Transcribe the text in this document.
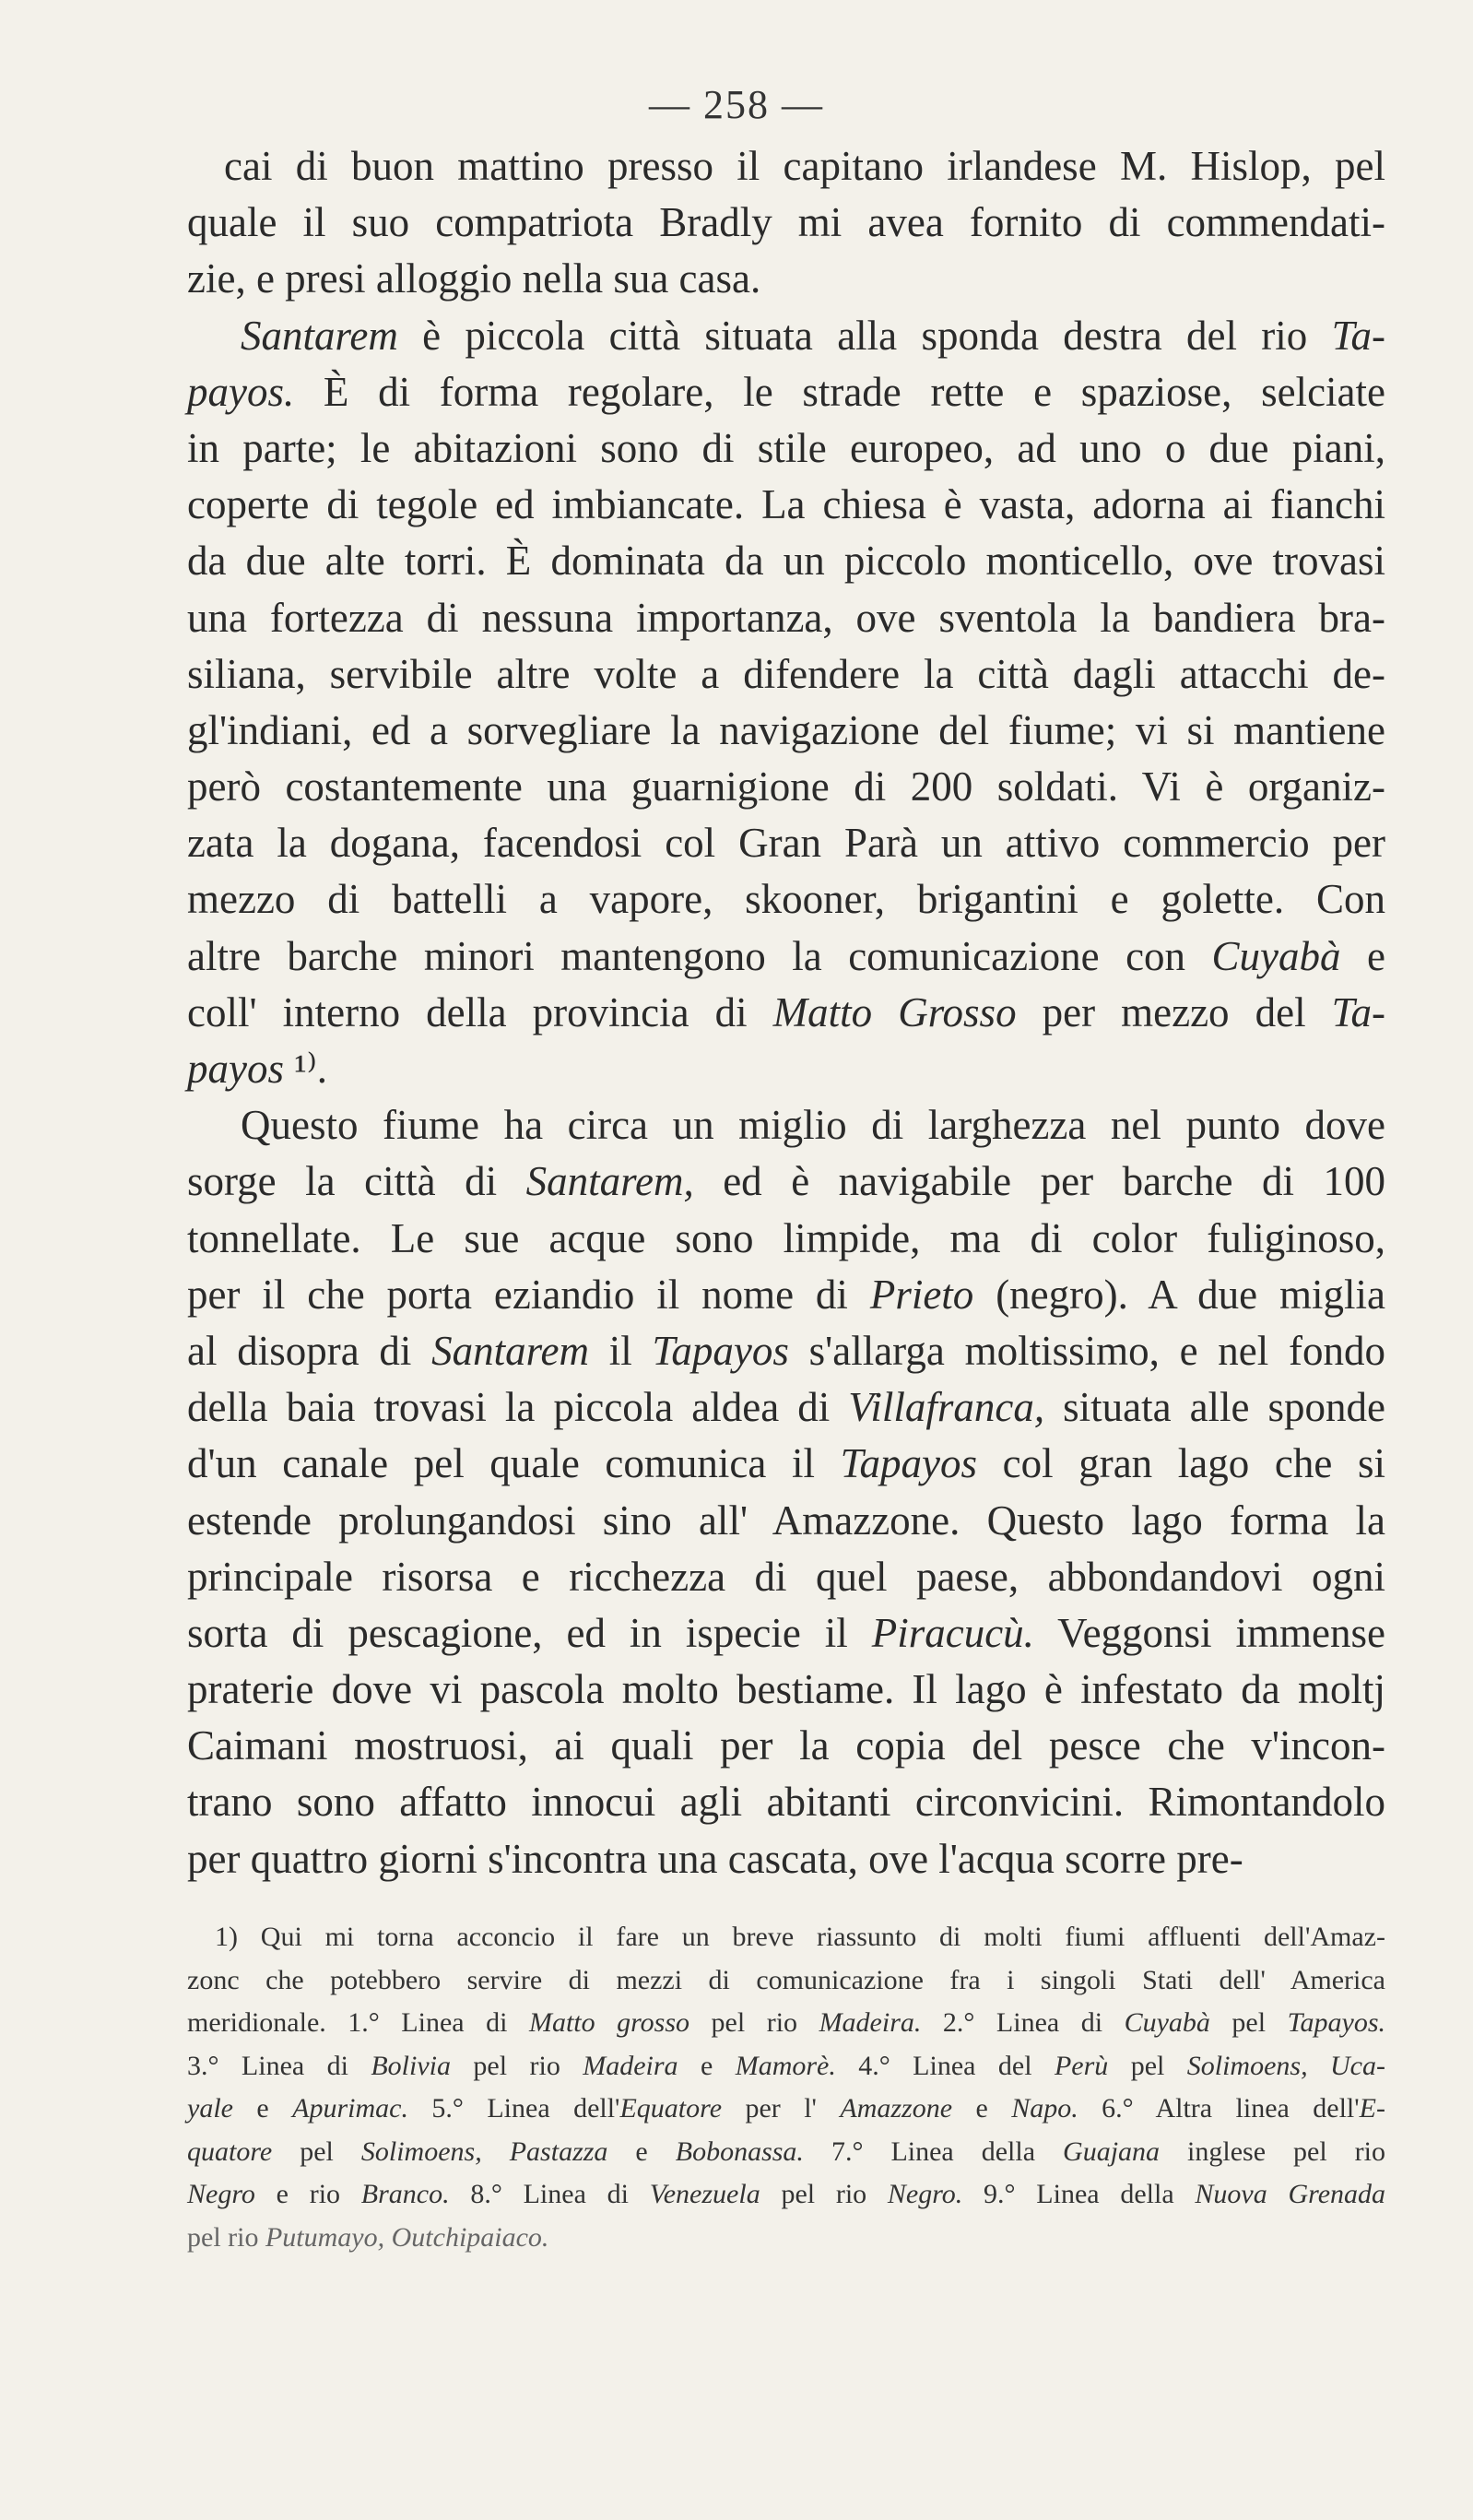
— 258 —
cai di buon mattino presso il capitano irlandese M. Hislop, pel
quale il suo compatriota Bradly mi avea fornito di commendati-
zie, e presi alloggio nella sua casa.
Santarem è piccola città situata alla sponda destra del rio Ta-
payos. È di forma regolare, le strade rette e spaziose, selciate
in parte; le abitazioni sono di stile europeo, ad uno o due piani,
coperte di tegole ed imbiancate. La chiesa è vasta, adorna ai fianchi
da due alte torri. È dominata da un piccolo monticello, ove trovasi
una fortezza di nessuna importanza, ove sventola la bandiera bra-
siliana, servibile altre volte a difendere la città dagli attacchi de-
gl'indiani, ed a sorvegliare la navigazione del fiume; vi si mantiene
però costantemente una guarnigione di 200 soldati. Vi è organiz-
zata la dogana, facendosi col Gran Parà un attivo commercio per
mezzo di battelli a vapore, skooner, brigantini e golette. Con
altre barche minori mantengono la comunicazione con Cuyabà e
coll' interno della provincia di Matto Grosso per mezzo del Ta-
payos ¹⁾.
Questo fiume ha circa un miglio di larghezza nel punto dove
sorge la città di Santarem, ed è navigabile per barche di 100
tonnellate. Le sue acque sono limpide, ma di color fuliginoso,
per il che porta eziandio il nome di Prieto (negro). A due miglia
al disopra di Santarem il Tapayos s'allarga moltissimo, e nel fondo
della baia trovasi la piccola aldea di Villafranca, situata alle sponde
d'un canale pel quale comunica il Tapayos col gran lago che si
estende prolungandosi sino all' Amazzone. Questo lago forma la
principale risorsa e ricchezza di quel paese, abbondandovi ogni
sorta di pescagione, ed in ispecie il Piracucù. Veggonsi immense
praterie dove vi pascola molto bestiame. Il lago è infestato da moltj
Caimani mostruosi, ai quali per la copia del pesce che v'incon-
trano sono affatto innocui agli abitanti circonvicini. Rimontandolo
per quattro giorni s'incontra una cascata, ove l'acqua scorre pre-
1) Qui mi torna acconcio il fare un breve riassunto di molti fiumi affluenti dell'Amaz-
zonc che potebbero servire di mezzi di comunicazione fra i singoli Stati dell' America
meridionale. 1.° Linea di Matto grosso pel rio Madeira. 2.° Linea di Cuyabà pel Tapayos.
3.° Linea di Bolivia pel rio Madeira e Mamorè. 4.° Linea del Perù pel Solimoens, Uca-
yale e Apurimac. 5.° Linea dell'Equatore per l' Amazzone e Napo. 6.° Altra linea dell'E-
quatore pel Solimoens, Pastazza e Bobonassa. 7.° Linea della Guajana inglese pel rio
Negro e rio Branco. 8.° Linea di Venezuela pel rio Negro. 9.° Linea della Nuova Grenada
pel rio Putumayo, Outchipaiaco.
